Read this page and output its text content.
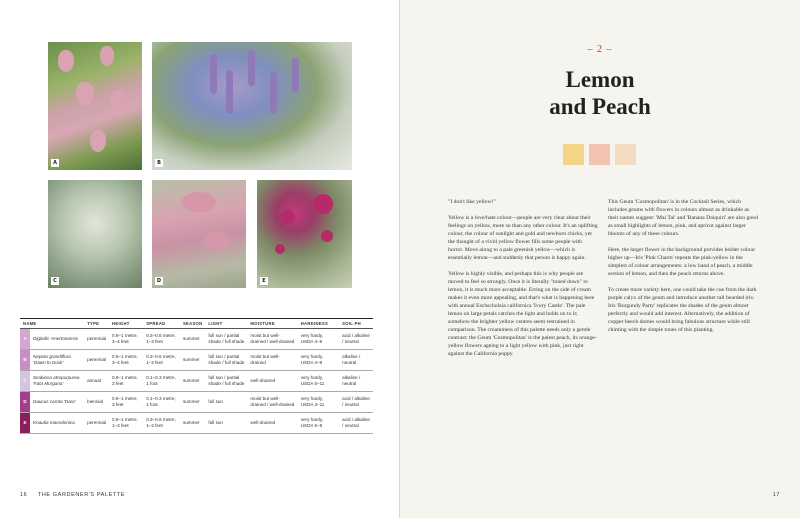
A	B
C	D	E
NAME		TYPE	HEIGHT	SPREAD	SEASON	LIGHT	MOISTURE	HARDINESS	SOIL PH
A	Digitalis ×mertonensis	perennial	0.9–1 metre, 3–4 feet	0.3–0.6 metre, 1–2 feet	summer	full sun / partial shade / full shade	moist but well-drained / well-drained	very hardy, USDA 4–9	acid / alkaline / neutral
B	Nepeta grandiflora 'Dawn to Dusk'	perennial	0.9–1 metre, 3–4 feet	0.3–0.6 metre, 1–2 feet	summer	full sun / partial shade / full shade	moist but well-drained	very hardy, USDA 4–9	alkaline / neutral
C	Scabiosa atropurpurea 'Fata Morgana'	annual	0.9–1 metre, 3 feet	0.1–0.3 metre, 1 foot	summer	full sun / partial shade / full shade	well-drained	very hardy, USDA 5–11	alkaline / neutral
D	Daucus carota 'Dara'	biennial	0.9–1 metre, 3 feet	0.1–0.3 metre, 1 foot	summer	full sun	moist but well-drained / well-drained	very hardy, USDA 3–11	acid / alkaline / neutral
E	Knautia macedonica	perennial	0.9–1 metre, 1–3 feet	0.3–0.6 metre, 1–2 feet	summer	full sun	well-drained	very hardy, USDA 5–9	acid / alkaline / neutral
16 THE GARDENER'S PALETTE
– 2 –
Lemon
and Peach

"I don't like yellow!"

Yellow is a love/hate colour—people are very clear about their feelings on yellow, more so than any other colour. It's an uplifting colour, the colour of sunlight and gold and newborn chicks, yet the thought of a vivid yellow flower fills some people with horror. Move along to a pale greenish yellow—which is essentially lemon—and suddenly that person is happy again.

Yellow is highly visible, and perhaps this is why people are moved to feel so strongly. Once it is literally "toned down" to lemon, it is much more acceptable. Erring on the side of cream makes it even more appealing, and that's what is happening here with annual Eschscholzia californica 'Ivory Castle'. The pale lemon on large petals catches the light and holds on to it; somehow the brighter yellow centres seem restrained in comparison. The creaminess of this palette needs only a gentle contrast: the Geum 'Cosmopolitan' is the palest peach, its orange-yellow flowers ageing to a light yellow with pink, just right against the California poppy.

This Geum 'Cosmopolitan' is in the Cocktail Series, which includes geums with flowers in colours almost as drinkable as their names suggest: 'Mai Tai' and 'Banana Daiquiri' are also good as small highlights of lemon, pink, and apricot against larger blooms of any of these colours.

Here, the larger flower in the background provides bolder colour higher up—Iris 'Pink Charm' repeats the pink-yellow in the simplest of colour arrangements: a low band of peach, a middle section of lemon, and then the peach returns above.

To create more variety here, one could take the cue from the dark purple calyx of the geum and introduce another tall bearded iris: Iris 'Burgundy Party' replicates the shades of the geum almost perfectly and would add interest. Alternatively, the addition of copper beech domes would bring fabulous structure while still chiming with the simple tones of this planting.

17
